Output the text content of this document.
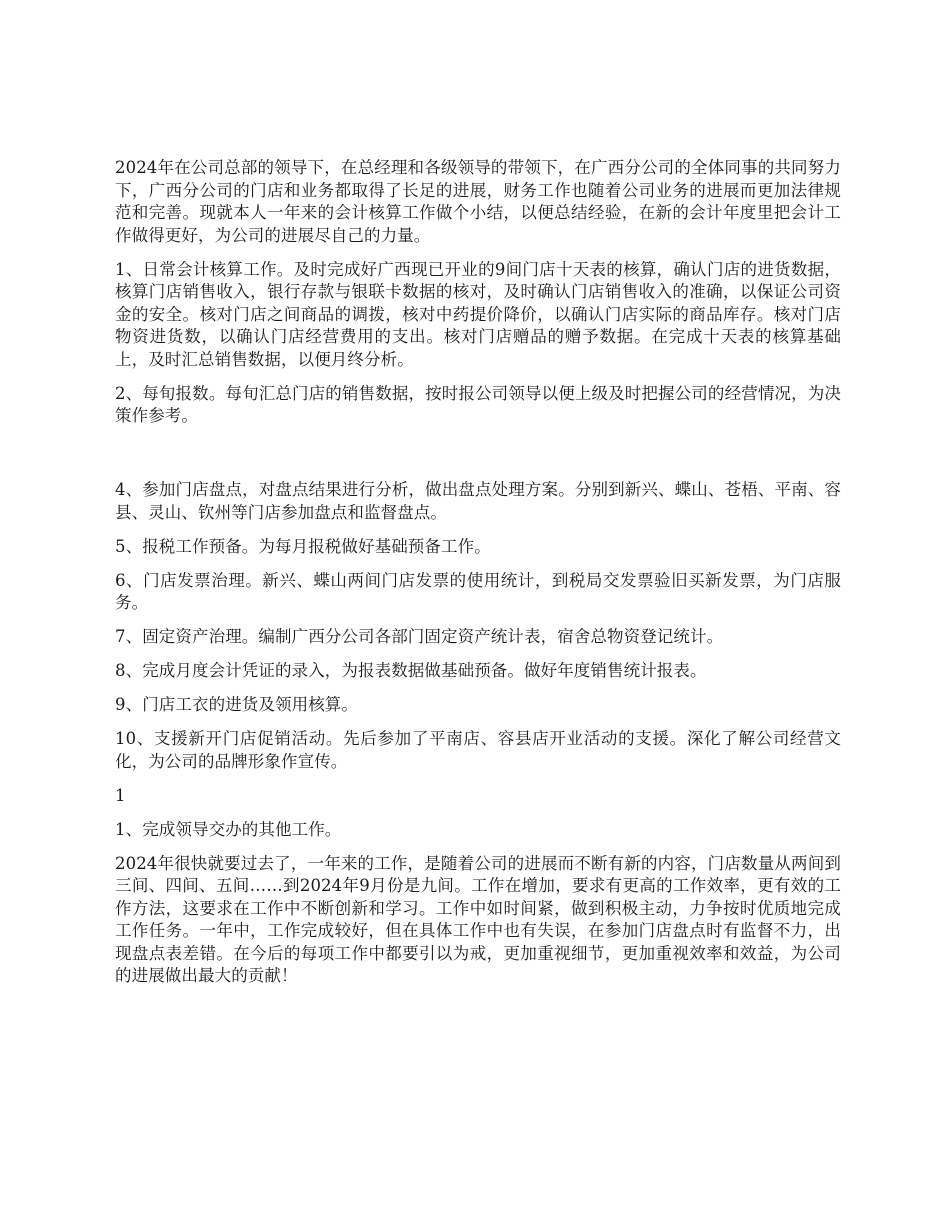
2024年在公司总部的领导下，在总经理和各级领导的带领下，在广西分公司的全体同事的共同努力下，广西分公司的门店和业务都取得了长足的进展，财务工作也随着公司业务的进展而更加法律规范和完善。现就本人一年来的会计核算工作做个小结，以便总结经验，在新的会计年度里把会计工作做得更好，为公司的进展尽自己的力量。

1、日常会计核算工作。及时完成好广西现已开业的9间门店十天表的核算，确认门店的进货数据，核算门店销售收入，银行存款与银联卡数据的核对，及时确认门店销售收入的准确，以保证公司资金的安全。核对门店之间商品的调拨，核对中药提价降价，以确认门店实际的商品库存。核对门店物资进货数，以确认门店经营费用的支出。核对门店赠品的赠予数据。在完成十天表的核算基础上，及时汇总销售数据，以便月终分析。

2、每旬报数。每旬汇总门店的销售数据，按时报公司领导以便上级及时把握公司的经营情况，为决策作参考。

4、参加门店盘点，对盘点结果进行分析，做出盘点处理方案。分别到新兴、蝶山、苍梧、平南、容县、灵山、钦州等门店参加盘点和监督盘点。

5、报税工作预备。为每月报税做好基础预备工作。

6、门店发票治理。新兴、蝶山两间门店发票的使用统计，到税局交发票验旧买新发票，为门店服务。

7、固定资产治理。编制广西分公司各部门固定资产统计表，宿舍总物资登记统计。

8、完成月度会计凭证的录入，为报表数据做基础预备。做好年度销售统计报表。

9、门店工衣的进货及领用核算。

10、支援新开门店促销活动。先后参加了平南店、容县店开业活动的支援。深化了解公司经营文化，为公司的品牌形象作宣传。

1

1、完成领导交办的其他工作。

2024年很快就要过去了，一年来的工作，是随着公司的进展而不断有新的内容，门店数量从两间到三间、四间、五间……到2024年9月份是九间。工作在增加，要求有更高的工作效率，更有效的工作方法，这要求在工作中不断创新和学习。工作中如时间紧，做到积极主动，力争按时优质地完成工作任务。一年中，工作完成较好，但在具体工作中也有失误，在参加门店盘点时有监督不力，出现盘点表差错。在今后的每项工作中都要引以为戒，更加重视细节，更加重视效率和效益，为公司的进展做出最大的贡献！
